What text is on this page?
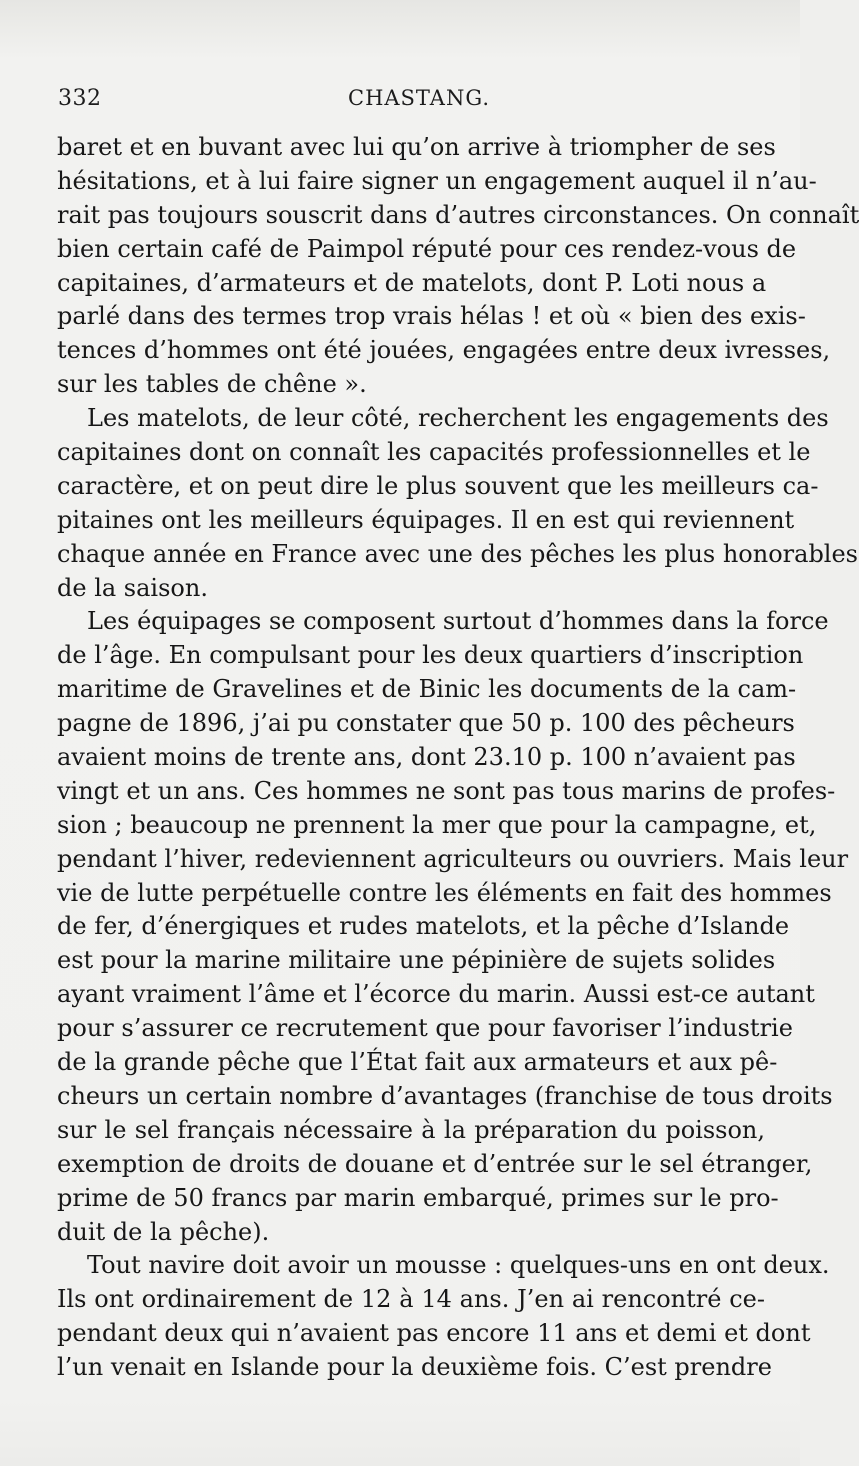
332	CHASTANG.
baret et en buvant avec lui qu’on arrive à triompher de ses
hésitations, et à lui faire signer un engagement auquel il n’au-
rait pas toujours souscrit dans d’autres circonstances. On connaît
bien certain café de Paimpol réputé pour ces rendez-vous de
capitaines, d’armateurs et de matelots, dont P. Loti nous a
parlé dans des termes trop vrais hélas ! et où « bien des exis-
tences d’hommes ont été jouées, engagées entre deux ivresses,
sur les tables de chêne ».
Les matelots, de leur côté, recherchent les engagements des
capitaines dont on connaît les capacités professionnelles et le
caractère, et on peut dire le plus souvent que les meilleurs ca-
pitaines ont les meilleurs équipages. Il en est qui reviennent
chaque année en France avec une des pêches les plus honorables
de la saison.
Les équipages se composent surtout d’hommes dans la force
de l’âge. En compulsant pour les deux quartiers d’inscription
maritime de Gravelines et de Binic les documents de la cam-
pagne de 1896, j’ai pu constater que 50 p. 100 des pêcheurs
avaient moins de trente ans, dont 23.10 p. 100 n’avaient pas
vingt et un ans. Ces hommes ne sont pas tous marins de profes-
sion ; beaucoup ne prennent la mer que pour la campagne, et,
pendant l’hiver, redeviennent agriculteurs ou ouvriers. Mais leur
vie de lutte perpétuelle contre les éléments en fait des hommes
de fer, d’énergiques et rudes matelots, et la pêche d’Islande
est pour la marine militaire une pépinière de sujets solides
ayant vraiment l’âme et l’écorce du marin. Aussi est-ce autant
pour s’assurer ce recrutement que pour favoriser l’industrie
de la grande pêche que l’État fait aux armateurs et aux pê-
cheurs un certain nombre d’avantages (franchise de tous droits
sur le sel français nécessaire à la préparation du poisson,
exemption de droits de douane et d’entrée sur le sel étranger,
prime de 50 francs par marin embarqué, primes sur le pro-
duit de la pêche).
Tout navire doit avoir un mousse : quelques-uns en ont deux.
Ils ont ordinairement de 12 à 14 ans. J’en ai rencontré ce-
pendant deux qui n’avaient pas encore 11 ans et demi et dont
l’un venait en Islande pour la deuxième fois. C’est prendre
